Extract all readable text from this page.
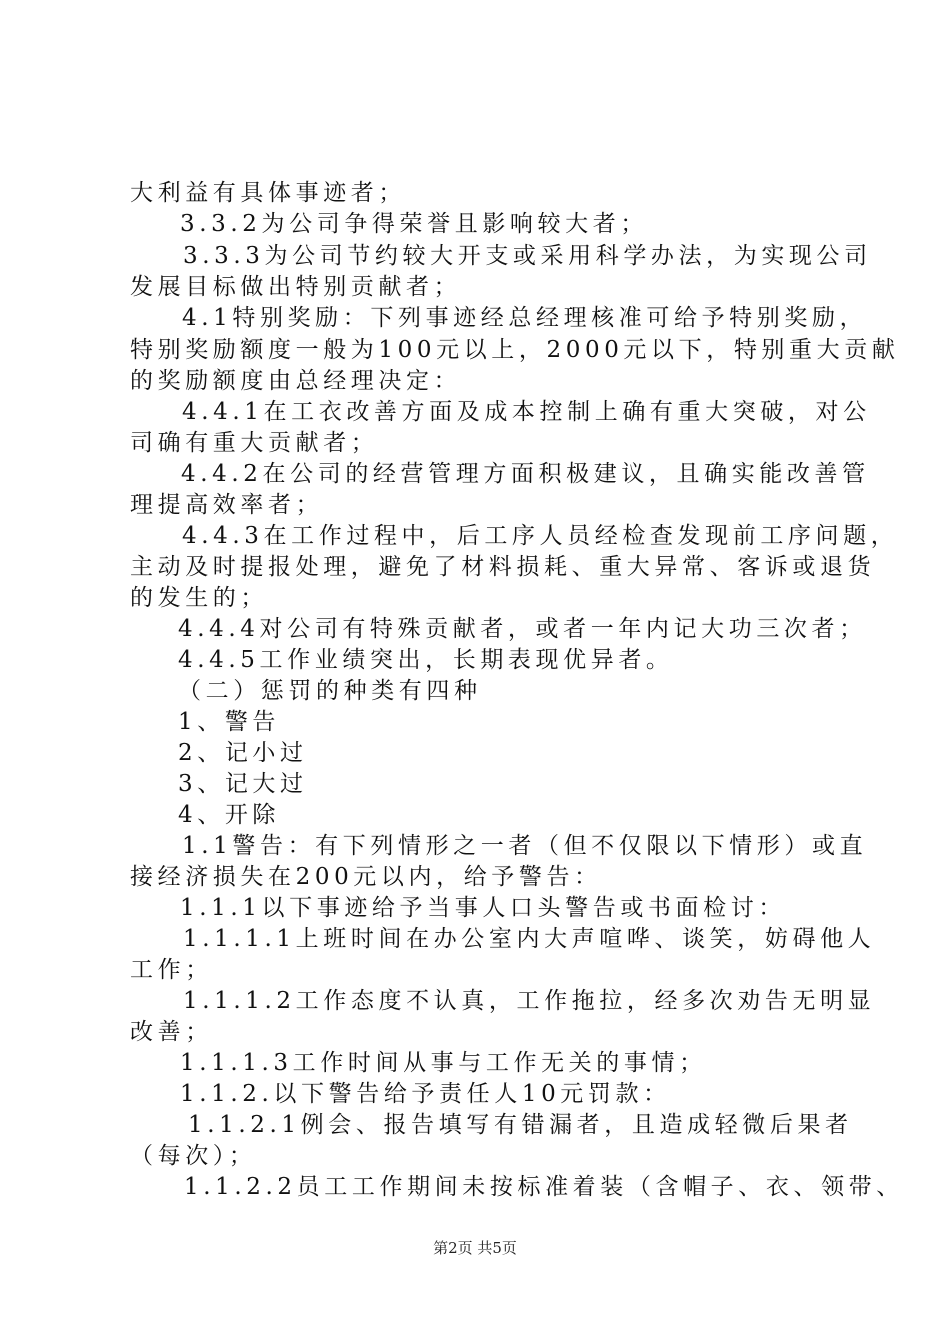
大利益有具体事迹者；
3.3.2为公司争得荣誉且影响较大者；
3.3.3为公司节约较大开支或采用科学办法，为实现公司
发展目标做出特别贡献者；
4.1特别奖励：下列事迹经总经理核准可给予特别奖励，
特别奖励额度一般为100元以上，2000元以下，特别重大贡献
的奖励额度由总经理决定：
4.4.1在工衣改善方面及成本控制上确有重大突破，对公
司确有重大贡献者；
4.4.2在公司的经营管理方面积极建议，且确实能改善管
理提高效率者；
4.4.3在工作过程中，后工序人员经检查发现前工序问题，
主动及时提报处理，避免了材料损耗、重大异常、客诉或退货
的发生的；
4.4.4对公司有特殊贡献者，或者一年内记大功三次者；
4.4.5工作业绩突出，长期表现优异者。
（二）惩罚的种类有四种
1、警告
2、记小过
3、记大过
4、开除
1.1警告：有下列情形之一者（但不仅限以下情形）或直
接经济损失在200元以内，给予警告：
1.1.1以下事迹给予当事人口头警告或书面检讨：
1.1.1.1上班时间在办公室内大声喧哗、谈笑，妨碍他人
工作；
1.1.1.2工作态度不认真，工作拖拉，经多次劝告无明显
改善；
1.1.1.3工作时间从事与工作无关的事情；
1.1.2.以下警告给予责任人10元罚款：
1.1.2.1例会、报告填写有错漏者，且造成轻微后果者
（每次）；
1.1.2.2员工工作期间未按标准着装（含帽子、衣、领带、
第2页 共5页
